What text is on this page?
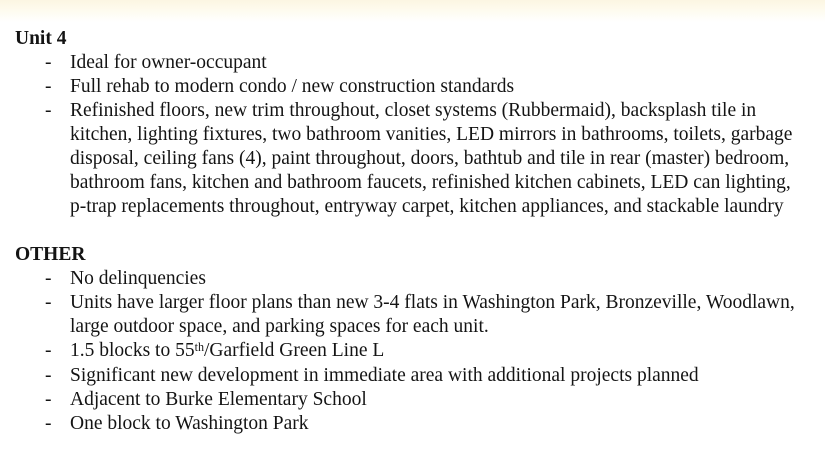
Unit 4
- Ideal for owner-occupant
- Full rehab to modern condo / new construction standards
- Refinished floors, new trim throughout, closet systems (Rubbermaid), backsplash tile in kitchen, lighting fixtures, two bathroom vanities, LED mirrors in bathrooms, toilets, garbage disposal, ceiling fans (4), paint throughout, doors, bathtub and tile in rear (master) bedroom, bathroom fans, kitchen and bathroom faucets, refinished kitchen cabinets, LED can lighting, p-trap replacements throughout, entryway carpet, kitchen appliances, and stackable laundry
OTHER
- No delinquencies
- Units have larger floor plans than new 3-4 flats in Washington Park, Bronzeville, Woodlawn, large outdoor space, and parking spaces for each unit.
- 1.5 blocks to 55th/Garfield Green Line L
- Significant new development in immediate area with additional projects planned
- Adjacent to Burke Elementary School
- One block to Washington Park
